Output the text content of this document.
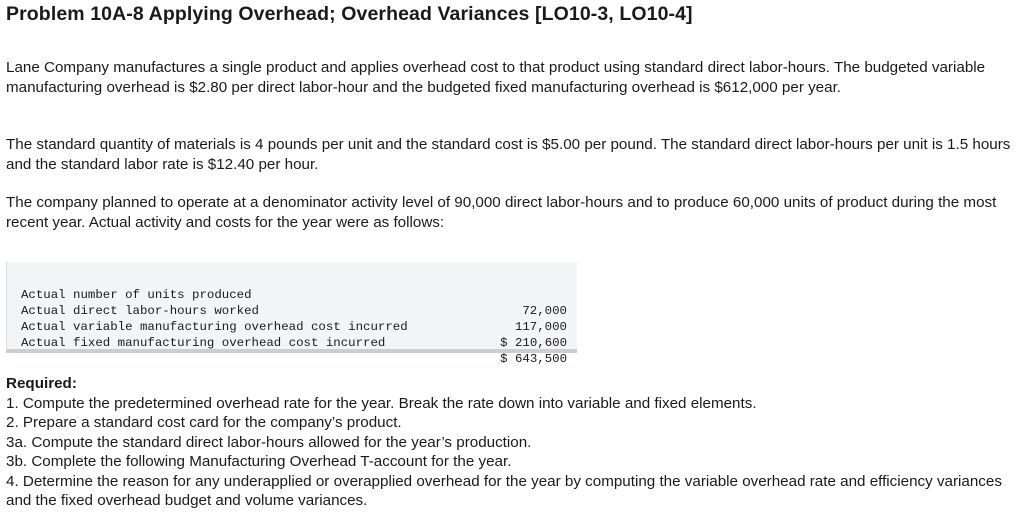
Problem 10A-8 Applying Overhead; Overhead Variances [LO10-3, LO10-4]

Lane Company manufactures a single product and applies overhead cost to that product using standard direct labor-hours. The budgeted variable manufacturing overhead is $2.80 per direct labor-hour and the budgeted fixed manufacturing overhead is $612,000 per year.

The standard quantity of materials is 4 pounds per unit and the standard cost is $5.00 per pound. The standard direct labor-hours per unit is 1.5 hours and the standard labor rate is $12.40 per hour.

The company planned to operate at a denominator activity level of 90,000 direct labor-hours and to produce 60,000 units of product during the most recent year. Actual activity and costs for the year were as follows:

Actual number of units produced

72,000

Actual direct labor-hours worked

117,000

Actual variable manufacturing overhead cost incurred

$ 210,600

Actual fixed manufacturing overhead cost incurred

$ 643,500

Required:
1. Compute the predetermined overhead rate for the year. Break the rate down into variable and fixed elements.
2. Prepare a standard cost card for the company’s product.
3a. Compute the standard direct labor-hours allowed for the year’s production.
3b. Complete the following Manufacturing Overhead T-account for the year.
4. Determine the reason for any underapplied or overapplied overhead for the year by computing the variable overhead rate and efficiency variances and the fixed overhead budget and volume variances.
